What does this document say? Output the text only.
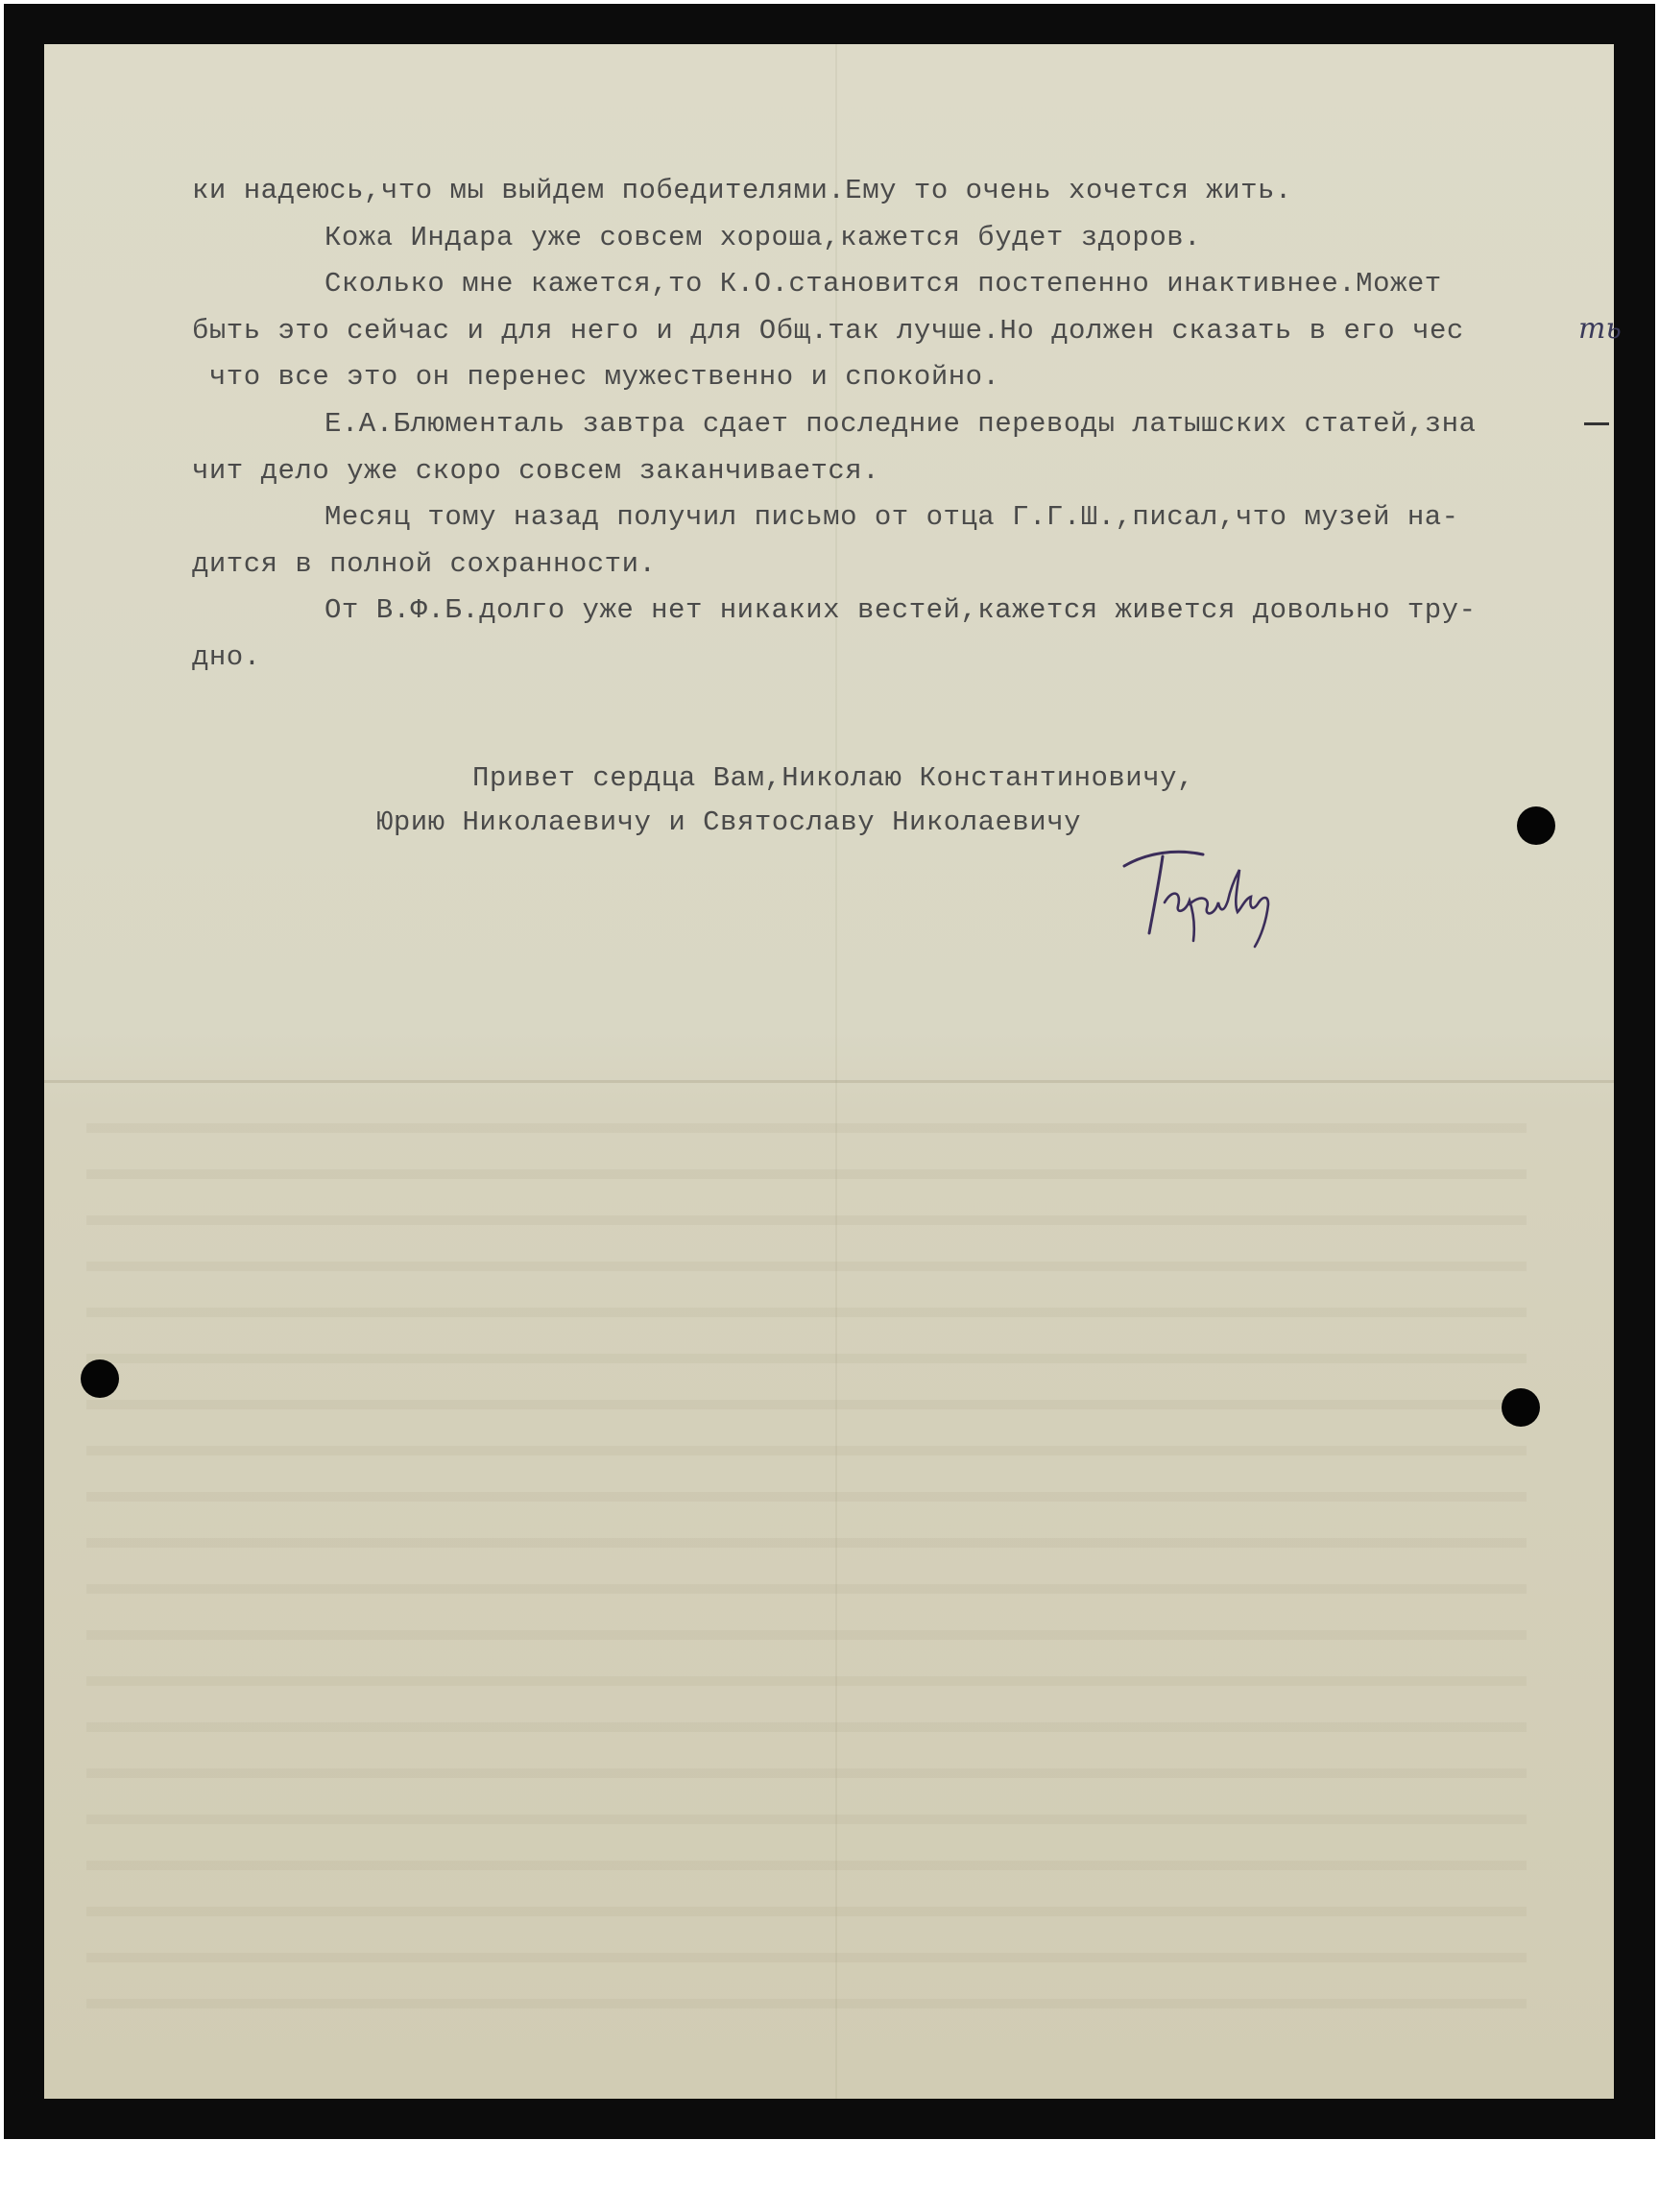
ки надеюсь,что мы выйдем победителями.Ему то очень хочется жить.
Кожа Индара уже совсем хороша,кажется будет здоров.
Сколько мне кажется,то К.О.становится постепенно инактивнее.Может
быть это сейчас и для него и для Общ.так лучше.Но должен сказать в его чес
что все это он перенес мужественно и спокойно.
Е.А.Блюменталь завтра сдает последние переводы латышских статей,зна
чит дело уже скоро совсем заканчивается.
Месяц тому назад получил письмо от отца Г.Г.Ш.,писал,что музей на-
дится в полной сохранности.
От В.Ф.Б.долго уже нет никаких вестей,кажется живется довольно тру-
дно.
ть
Привет сердца Вам,Николаю Константиновичу,
Юрию Николаевичу и Святославу Николаевичу
